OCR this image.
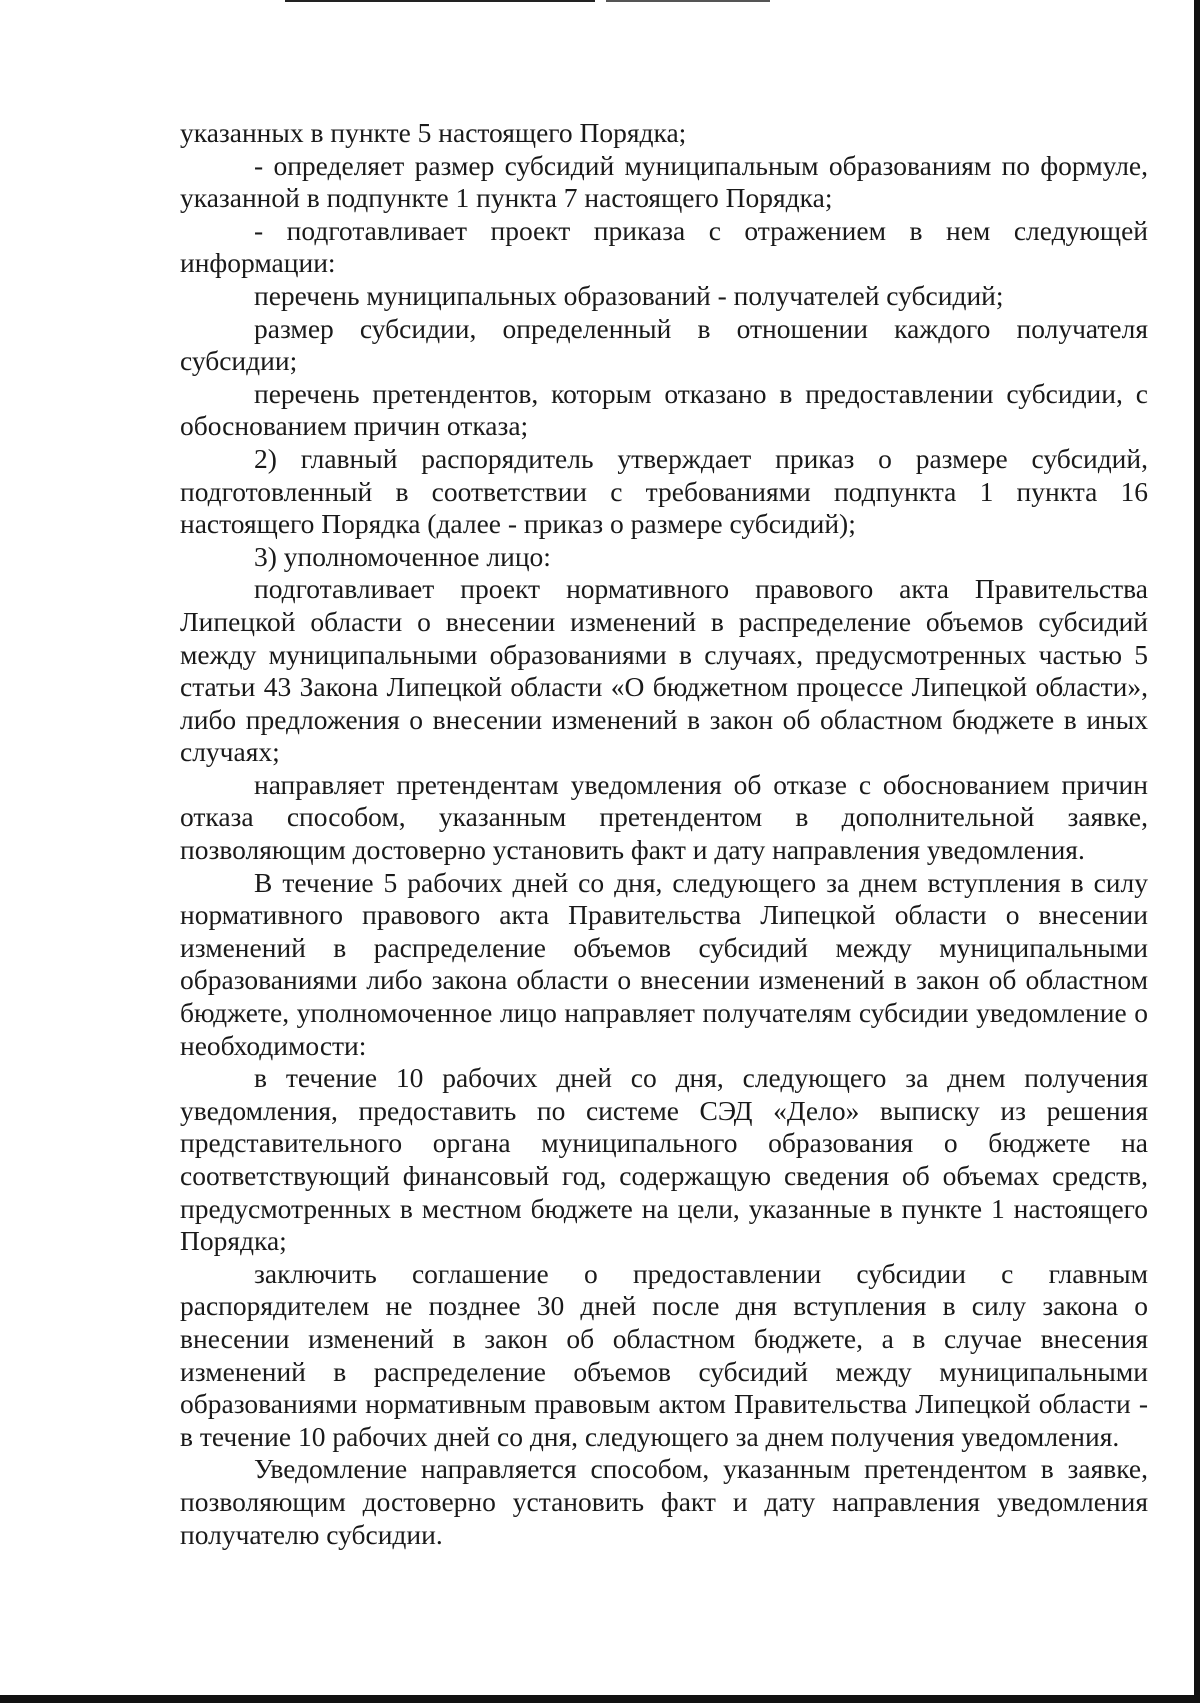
указанных в пункте 5 настоящего Порядка;

- определяет размер субсидий муниципальным образованиям по формуле, указанной в подпункте 1 пункта 7 настоящего Порядка;

- подготавливает проект приказа с отражением в нем следующей информации:

перечень муниципальных образований - получателей субсидий;

размер субсидии, определенный в отношении каждого получателя субсидии;

перечень претендентов, которым отказано в предоставлении субсидии, с обоснованием причин отказа;

2) главный распорядитель утверждает приказ о размере субсидий, подготовленный в соответствии с требованиями подпункта 1 пункта 16 настоящего Порядка (далее - приказ о размере субсидий);

3) уполномоченное лицо:

подготавливает проект нормативного правового акта Правительства Липецкой области о внесении изменений в распределение объемов субсидий между муниципальными образованиями в случаях, предусмотренных частью 5 статьи 43 Закона Липецкой области «О бюджетном процессе Липецкой области», либо предложения о внесении изменений в закон об областном бюджете в иных случаях;

направляет претендентам уведомления об отказе с обоснованием причин отказа способом, указанным претендентом в дополнительной заявке, позволяющим достоверно установить факт и дату направления уведомления.

В течение 5 рабочих дней со дня, следующего за днем вступления в силу нормативного правового акта Правительства Липецкой области о внесении изменений в распределение объемов субсидий между муниципальными образованиями либо закона области о внесении изменений в закон об областном бюджете, уполномоченное лицо направляет получателям субсидии уведомление о необходимости:

в течение 10 рабочих дней со дня, следующего за днем получения уведомления, предоставить по системе СЭД «Дело» выписку из решения представительного органа муниципального образования о бюджете на соответствующий финансовый год, содержащую сведения об объемах средств, предусмотренных в местном бюджете на цели, указанные в пункте 1 настоящего Порядка;

заключить соглашение о предоставлении субсидии с главным распорядителем не позднее 30 дней после дня вступления в силу закона о внесении изменений в закон об областном бюджете, а в случае внесения изменений в распределение объемов субсидий между муниципальными образованиями нормативным правовым актом Правительства Липецкой области - в течение 10 рабочих дней со дня, следующего за днем получения уведомления.

Уведомление направляется способом, указанным претендентом в заявке, позволяющим достоверно установить факт и дату направления уведомления получателю субсидии.
